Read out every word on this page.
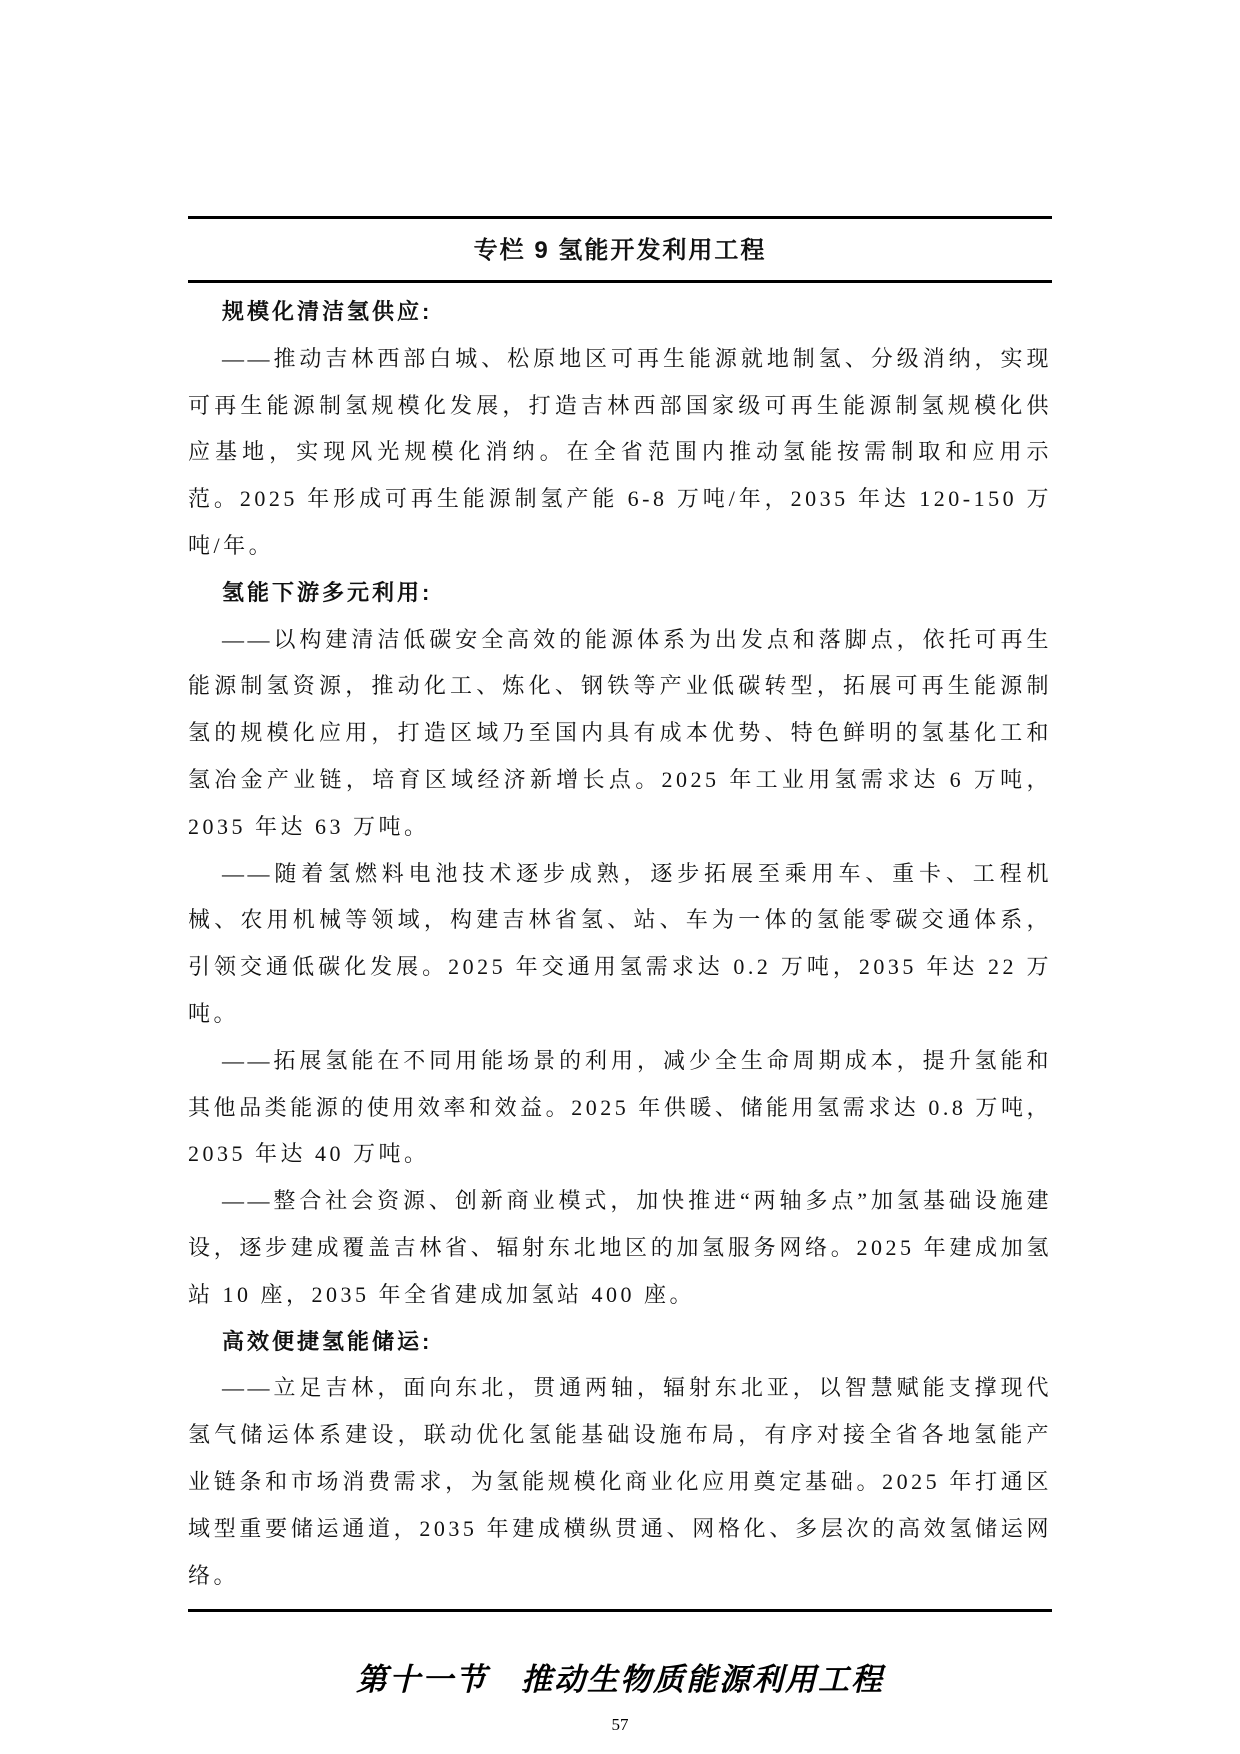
专栏 9 氢能开发利用工程
规模化清洁氢供应:

——推动吉林西部白城、松原地区可再生能源就地制氢、分级消纳，实现可再生能源制氢规模化发展，打造吉林西部国家级可再生能源制氢规模化供应基地，实现风光规模化消纳。在全省范围内推动氢能按需制取和应用示范。2025 年形成可再生能源制氢产能 6-8 万吨/年，2035 年达 120-150 万吨/年。

氢能下游多元利用:

——以构建清洁低碳安全高效的能源体系为出发点和落脚点，依托可再生能源制氢资源，推动化工、炼化、钢铁等产业低碳转型，拓展可再生能源制氢的规模化应用，打造区域乃至国内具有成本优势、特色鲜明的氢基化工和氢冶金产业链，培育区域经济新增长点。2025 年工业用氢需求达 6 万吨，2035 年达 63 万吨。

——随着氢燃料电池技术逐步成熟，逐步拓展至乘用车、重卡、工程机械、农用机械等领域，构建吉林省氢、站、车为一体的氢能零碳交通体系，引领交通低碳化发展。2025 年交通用氢需求达 0.2 万吨，2035 年达 22 万吨。

——拓展氢能在不同用能场景的利用，减少全生命周期成本，提升氢能和其他品类能源的使用效率和效益。2025 年供暖、储能用氢需求达 0.8 万吨，2035 年达 40 万吨。

——整合社会资源、创新商业模式，加快推进“两轴多点”加氢基础设施建设，逐步建成覆盖吉林省、辐射东北地区的加氢服务网络。2025 年建成加氢站 10 座，2035 年全省建成加氢站 400 座。

高效便捷氢能储运:

——立足吉林，面向东北，贯通两轴，辐射东北亚，以智慧赋能支撑现代氢气储运体系建设，联动优化氢能基础设施布局，有序对接全省各地氢能产业链条和市场消费需求，为氢能规模化商业化应用奠定基础。2025 年打通区域型重要储运通道，2035 年建成横纵贯通、网格化、多层次的高效氢储运网络。

第十一节　推动生物质能源利用工程
57
